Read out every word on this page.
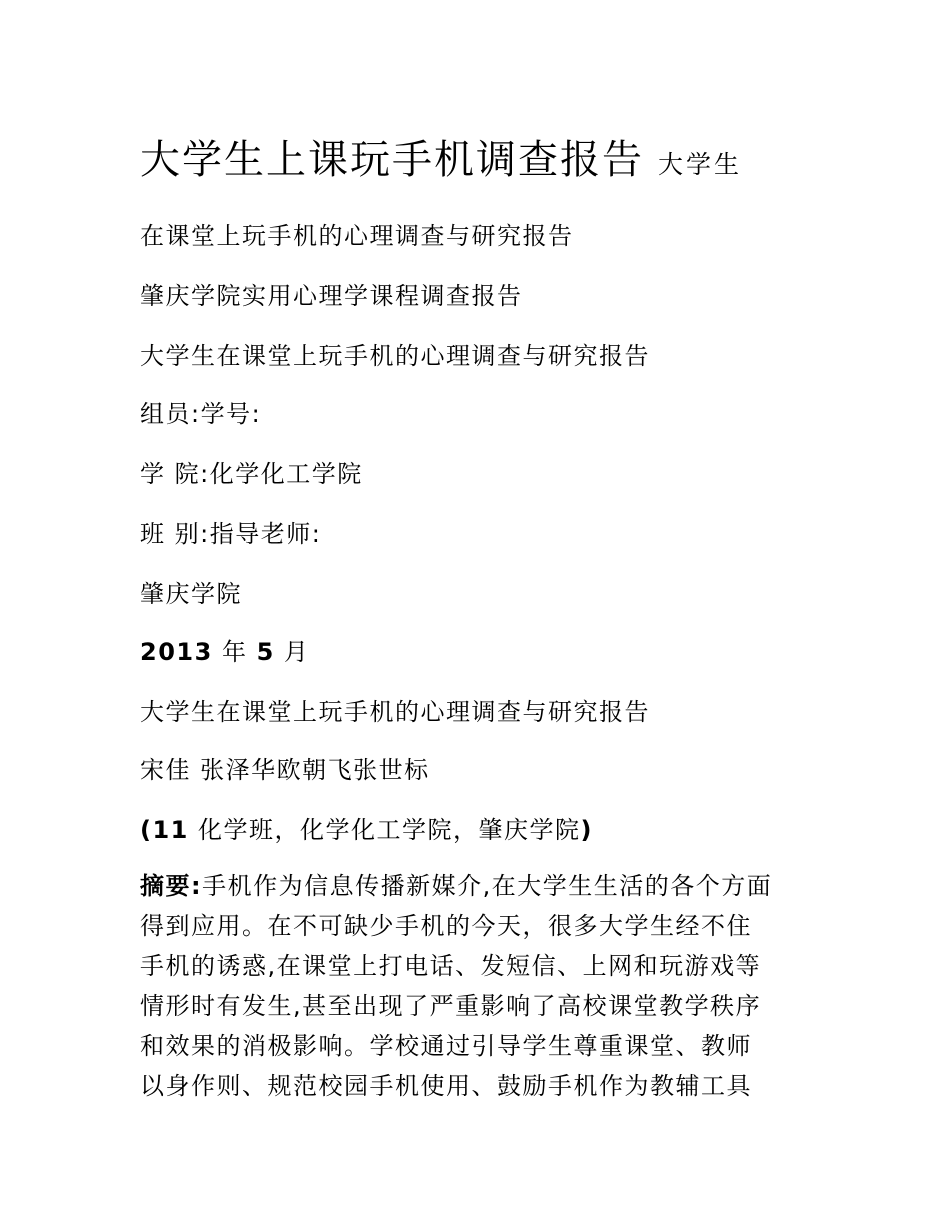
大学生上课玩手机调查报告 大学生
在课堂上玩手机的心理调查与研究报告
肇庆学院实用心理学课程调查报告
大学生在课堂上玩手机的心理调查与研究报告
组员:学号:
学 院:化学化工学院
班 别:指导老师:
肇庆学院
2013 年 5 月
大学生在课堂上玩手机的心理调查与研究报告
宋佳 张泽华欧朝飞张世标
(11 化学班，化学化工学院，肇庆学院)
摘要:手机作为信息传播新媒介,在大学生生活的各个方面
得到应用。在不可缺少手机的今天，很多大学生经不住
手机的诱惑,在课堂上打电话、发短信、上网和玩游戏等
情形时有发生,甚至出现了严重影响了高校课堂教学秩序
和效果的消极影响。学校通过引导学生尊重课堂、教师
以身作则、规范校园手机使用、鼓励手机作为教辅工具
